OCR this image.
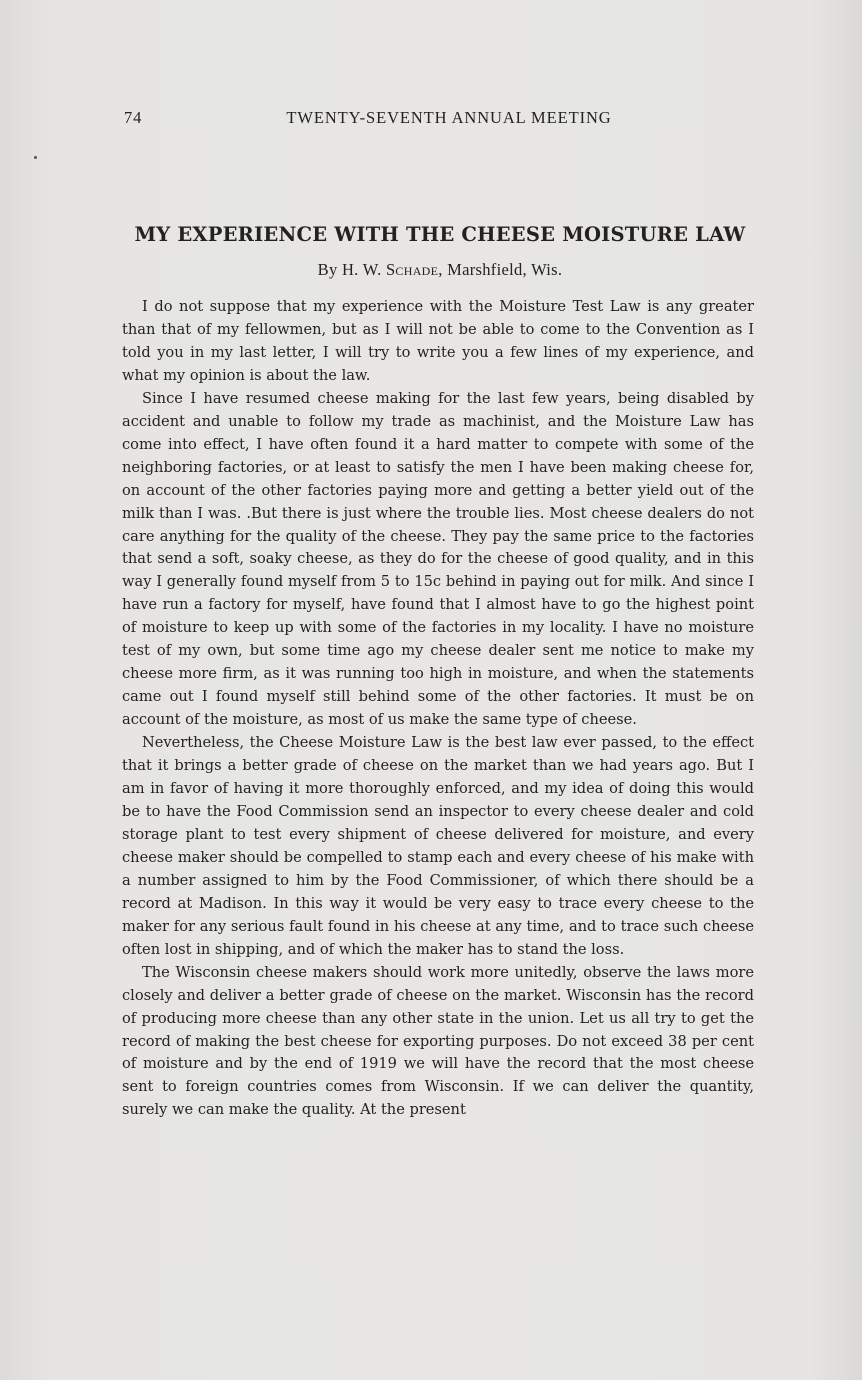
74	TWENTY-SEVENTH ANNUAL MEETING
MY EXPERIENCE WITH THE CHEESE MOISTURE LAW
By H. W. Schade, Marshfield, Wis.

I do not suppose that my experience with the Moisture Test Law is any greater than that of my fellowmen, but as I will not be able to come to the Convention as I told you in my last letter, I will try to write you a few lines of my experience, and what my opinion is about the law.

Since I have resumed cheese making for the last few years, being disabled by accident and unable to follow my trade as machinist, and the Moisture Law has come into effect, I have often found it a hard matter to compete with some of the neighboring factories, or at least to satisfy the men I have been making cheese for, on account of the other factories paying more and getting a better yield out of the milk than I was. .But there is just where the trouble lies. Most cheese dealers do not care anything for the quality of the cheese. They pay the same price to the factories that send a soft, soaky cheese, as they do for the cheese of good quality, and in this way I generally found myself from 5 to 15c behind in paying out for milk. And since I have run a factory for myself, have found that I almost have to go the highest point of moisture to keep up with some of the factories in my locality. I have no moisture test of my own, but some time ago my cheese dealer sent me notice to make my cheese more firm, as it was running too high in moisture, and when the statements came out I found myself still behind some of the other factories. It must be on account of the moisture, as most of us make the same type of cheese.

Nevertheless, the Cheese Moisture Law is the best law ever passed, to the effect that it brings a better grade of cheese on the market than we had years ago. But I am in favor of having it more thoroughly enforced, and my idea of doing this would be to have the Food Commission send an inspector to every cheese dealer and cold storage plant to test every shipment of cheese delivered for moisture, and every cheese maker should be compelled to stamp each and every cheese of his make with a number assigned to him by the Food Commissioner, of which there should be a record at Madison. In this way it would be very easy to trace every cheese to the maker for any serious fault found in his cheese at any time, and to trace such cheese often lost in shipping, and of which the maker has to stand the loss.

The Wisconsin cheese makers should work more unitedly, observe the laws more closely and deliver a better grade of cheese on the market. Wisconsin has the record of producing more cheese than any other state in the union. Let us all try to get the record of making the best cheese for exporting purposes. Do not exceed 38 per cent of moisture and by the end of 1919 we will have the record that the most cheese sent to foreign countries comes from Wisconsin. If we can deliver the quantity, surely we can make the quality. At the present
